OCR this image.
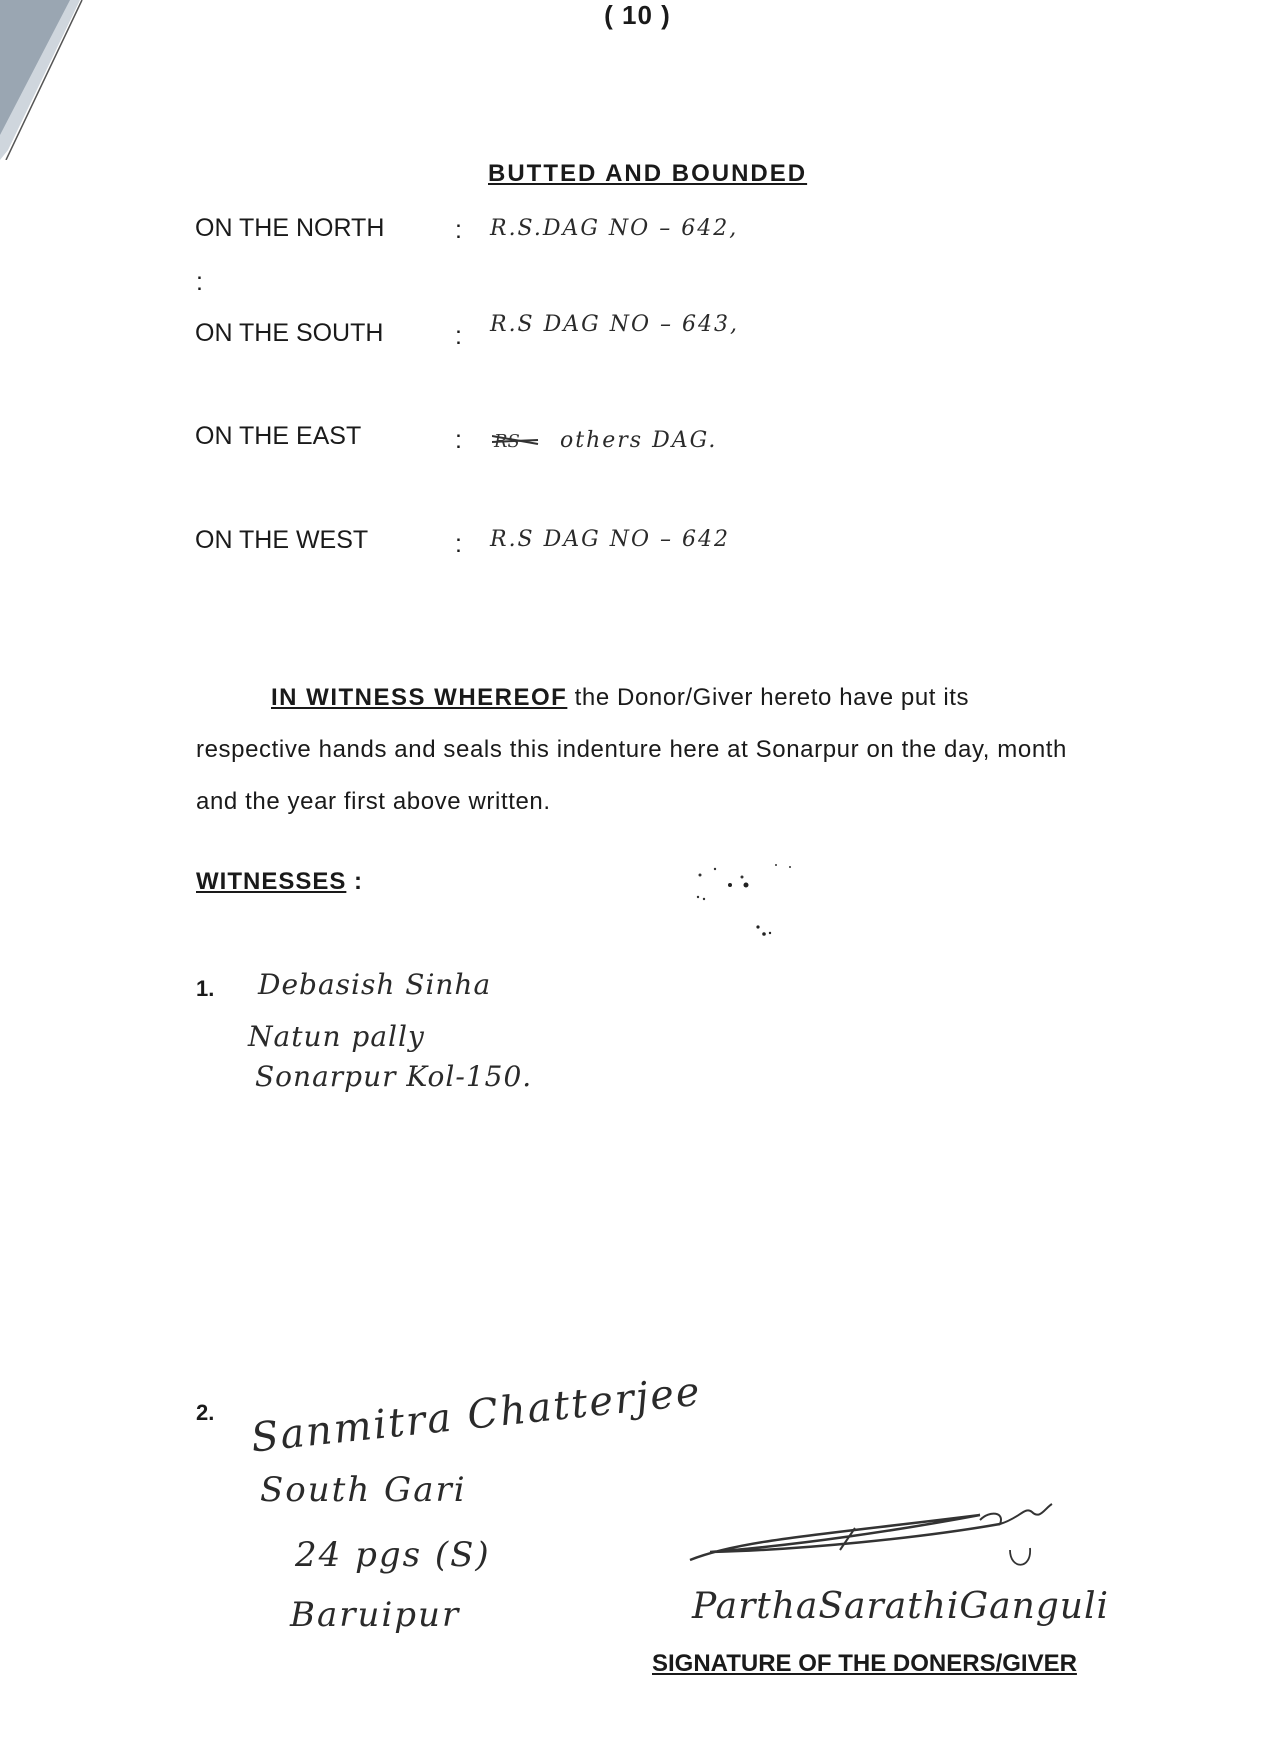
( 10 )
BUTTED AND BOUNDED
ON THE NORTH	: R.S.DAG NO – 642,
:
ON THE SOUTH	: R.S DAG NO – 643,
ON THE EAST	:	others DAG.
ON THE WEST	: R.S DAG NO – 642
IN WITNESS WHEREOF the Donor/Giver hereto have put its
respective hands and seals this indenture here at Sonarpur on the day, month
and the year first above written.
WITNESSES :
1. Debasish Sinha
Natun pally
Sonarpur Kol-150.
2. Sanmitra Chatterjee
South Gari
24 pgs (S)
Baruipur	ParthaSarathiGanguli
SIGNATURE OF THE DONERS/GIVER
